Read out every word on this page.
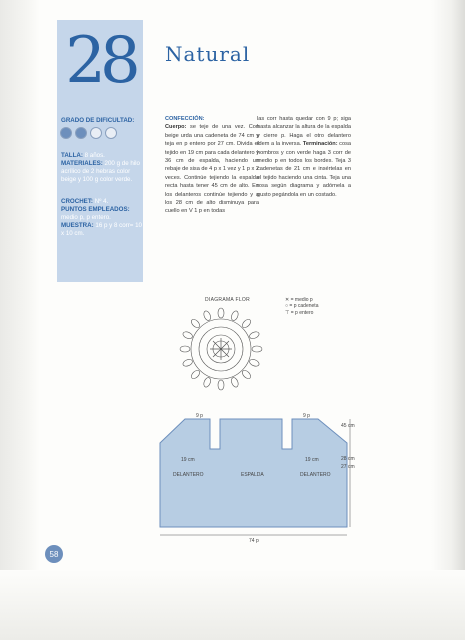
28	Natural
GRADO DE DIFICULTAD:
TALLA: 8 años.
MATERIALES: 200 g de hilo acrílico de 2 hebras color beige y 100 g color verde.
CROCHET: Nº 4.
PUNTOS EMPLEADOS: medio p, p entero.
MUESTRA: 16 p y 8 corr= 10 x 10 cm.
CONFECCIÓN:
Cuerpo: se teje de una vez. Con beige urda una cadeneta de 74 cm y teja en p entero por 27 cm. Divida el tejido en 19 cm para cada delantero y 36 cm de espalda, haciendo un rebaje de sisa de 4 p x 1 vez y 1 p x 2 veces. Continúe tejiendo la espalda recta hasta tener 45 cm de alto. En los delanteros continúe tejiendo y a los 28 cm de alto disminuya para cuello en V 1 p en todas
las corr hasta quedar con 9 p; siga hasta alcanzar la altura de la espalda y cierre p. Haga el otro delantero ídem a la inversa. Terminación: cosa hombros y con verde haga 3 corr de medio p en todos los bordes. Teja 3 cadenetas de 21 cm e insértelas en el tejido haciendo una cinta. Teja una rosa según diagrama y adórnela a gusto pegándola en un costado.
DIAGRAMA FLOR	✕ = medio p
○ = p cadeneta
⊤ = p entero
9 p	9 p
19 cm	19 cm
DELANTERO	ESPALDA	DELANTERO
74 p
45 cm
28 cm
27 cm
58
